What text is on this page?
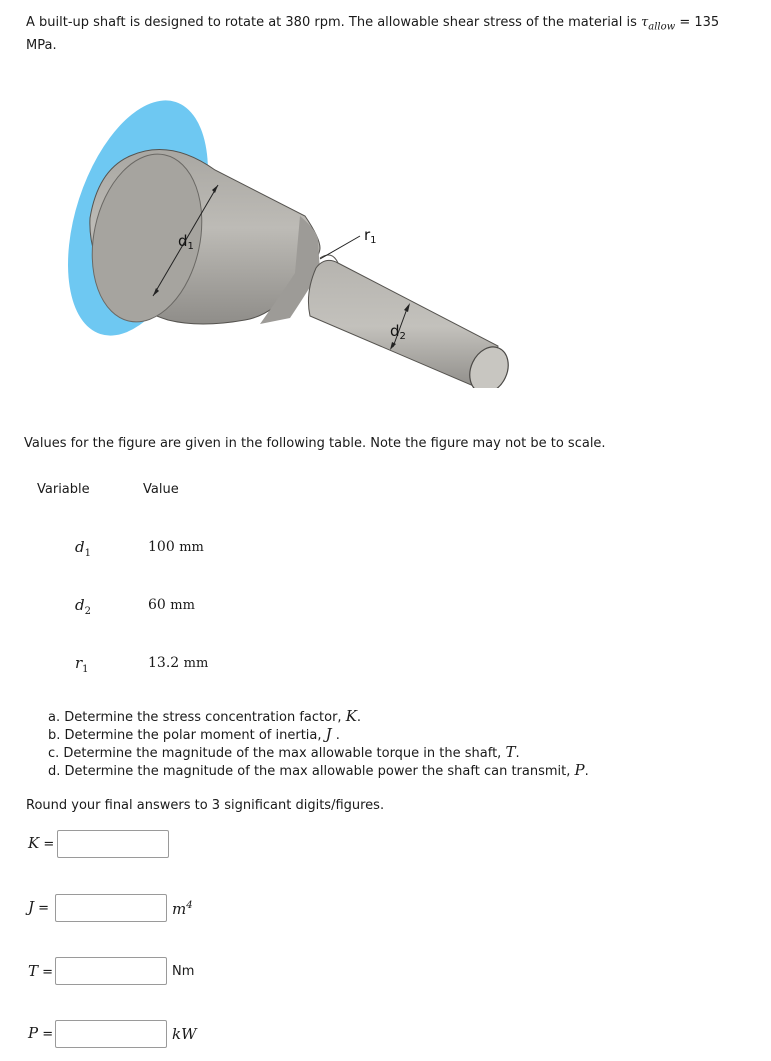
A built-up shaft is designed to rotate at 380 rpm. The allowable shear stress of the material is $\tau_{allow} = 135$
MPa.
$d_1$
$r_1$
$d_2$
Values for the figure are given in the following table. Note the figure may not be to scale.
Variable	Value
$d_1$	100 mm
$d_2$	60 mm
$r_1$	13.2 mm
a. Determine the stress concentration factor, K.
b. Determine the polar moment of inertia, J .
c. Determine the magnitude of the max allowable torque in the shaft, T.
d. Determine the magnitude of the max allowable power the shaft can transmit, P.
Round your final answers to 3 significant digits/figures.
K =
J =	$m^4$
T =	Nm
P =	kW
